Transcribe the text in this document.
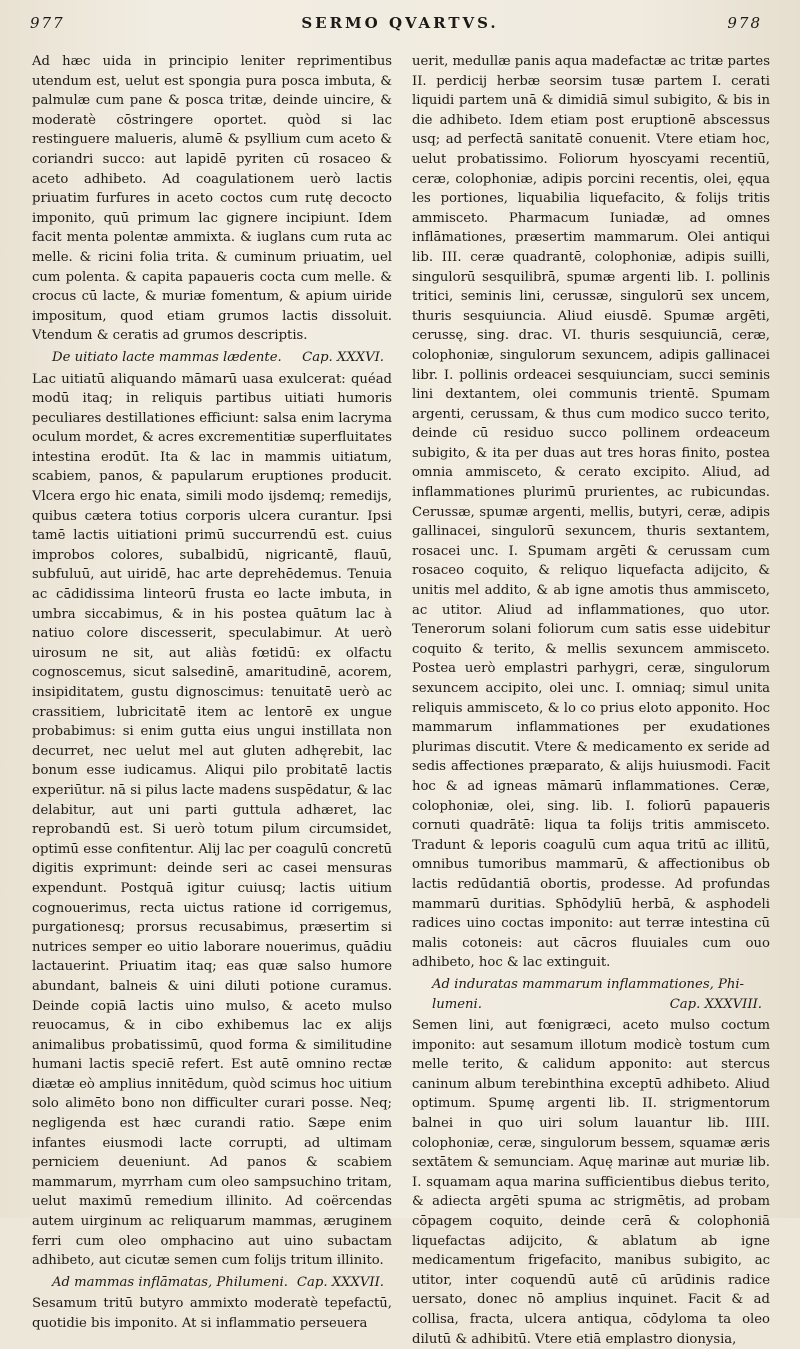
977	SERMO QVARTVS.	978

Ad hæc uida in principio leniter reprimentibus utendum est, uelut est spongia pura posca imbuta, & palmulæ cum pane & posca tritæ, deinde uincire, & moderatè cōstringere oportet. quòd si lac restinguere malueris, alumē & psyllium cum aceto & coriandri succo: aut lapidē pyriten cū rosaceo & aceto adhibeto. Ad coagulationem uerò lactis priuatim furfures in aceto coctos cum rutę decocto imponito, quū primum lac gignere incipiunt. Idem facit menta polentæ ammixta. & iuglans cum ruta ac melle. & ricini folia trita. & cuminum priuatim, uel cum polenta. & capita papaueris cocta cum melle. & crocus cū lacte, & muriæ fomentum, & apium uiride impositum, quod etiam grumos lactis dissoluit. Vtendum & ceratis ad grumos descriptis.

De uitiato lacte mammas lædente. Cap. XXXVI.

Lac uitiatū aliquando māmarū uasa exulcerat: quéad modū itaq; in reliquis partibus uitiati humoris peculiares destillationes efficiunt: salsa enim lacryma oculum mordet, & acres excrementitiæ superfluitates intestina erodūt. Ita & lac in mammis uitiatum, scabiem, panos, & papularum eruptiones producit. Vlcera ergo hic enata, simili modo ijsdemq; remedijs, quibus cætera totius corporis ulcera curantur. Ipsi tamē lactis uitiationi primū succurrendū est. cuius improbos colores, subalbidū, nigricantē, flauū, subfuluū, aut uiridē, hac arte deprehēdemus. Tenuia ac cādidissima linteorū frusta eo lacte imbuta, in umbra siccabimus, & in his postea quātum lac à natiuo colore discesserit, speculabimur. At uerò uirosum ne sit, aut aliàs fœtidū: ex olfactu cognoscemus, sicut salsedinē, amaritudinē, acorem, insipiditatem, gustu dignoscimus: tenuitatē uerò ac crassitiem, lubricitatē item ac lentorē ex ungue probabimus: si enim gutta eius ungui instillata non decurret, nec uelut mel aut gluten adhęrebit, lac bonum esse iudicamus. Aliqui pilo probitatē lactis experiūtur. nā si pilus lacte madens suspēdatur, & lac delabitur, aut uni parti guttula adhæret, lac reprobandū est. Si uerò totum pilum circumsidet, optimū esse confitentur. Alij lac per coagulū concretū digitis exprimunt: deinde seri ac casei mensuras expendunt. Postquā igitur cuiusq; lactis uitium cognouerimus, recta uictus ratione id corrigemus, purgationesq; prorsus recusabimus, præsertim si nutrices semper eo uitio laborare nouerimus, quādiu lactauerint. Priuatim itaq; eas quæ salso humore abundant, balneis & uini diluti potione curamus. Deinde copiā lactis uino mulso, & aceto mulso reuocamus, & in cibo exhibemus lac ex alijs animalibus probatissimū, quod forma & similitudine humani lactis speciē refert. Est autē omnino rectæ diætæ eò amplius innitēdum, quòd scimus hoc uitium solo alimēto bono non difficulter curari posse. Neq; negligenda est hæc curandi ratio. Sæpe enim infantes eiusmodi lacte corrupti, ad ultimam perniciem deueniunt. Ad panos & scabiem mammarum, myrrham cum oleo sampsuchino tritam, uelut maximū remedium illinito. Ad coërcendas autem uirginum ac reliquarum mammas, æruginem ferri cum oleo omphacino aut uino subactam adhibeto, aut cicutæ semen cum folijs tritum illinito.

Ad mammas inflāmatas, Philumeni. Cap. XXXVII.

Sesamum tritū butyro ammixto moderatè tepefactū, quotidie bis imponito. At si inflammatio perseuera

uerit, medullæ panis aqua madefactæ ac tritæ partes II. perdicij herbæ seorsim tusæ partem I. cerati liquidi partem unā & dimidiā simul subigito, & bis in die adhibeto. Idem etiam post eruptionē abscessus usq; ad perfectā sanitatē conuenit. Vtere etiam hoc, uelut probatissimo. Foliorum hyoscyami recentiū, ceræ, colophoniæ, adipis porcini recentis, olei, ęqua les portiones, liquabilia liquefacito, & folijs tritis ammisceto. Pharmacum Iuniadæ, ad omnes inflāmationes, præsertim mammarum. Olei antiqui lib. III. ceræ quadrantē, colophoniæ, adipis suilli, singulorū sesquilibrā, spumæ argenti lib. I. pollinis tritici, seminis lini, cerussæ, singulorū sex uncem, thuris sesquiuncia. Aliud eiusdē. Spumæ argēti, cerussę, sing. drac. VI. thuris sesquiunciā, ceræ, colophoniæ, singulorum sexuncem, adipis gallinacei libr. I. pollinis ordeacei sesquiunciam, succi seminis lini dextantem, olei communis trientē. Spumam argenti, cerussam, & thus cum modico succo terito, deinde cū residuo succo pollinem ordeaceum subigito, & ita per duas aut tres horas finito, postea omnia ammisceto, & cerato excipito. Aliud, ad inflammationes plurimū prurientes, ac rubicundas. Cerussæ, spumæ argenti, mellis, butyri, ceræ, adipis gallinacei, singulorū sexuncem, thuris sextantem, rosacei unc. I. Spumam argēti & cerussam cum rosaceo coquito, & reliquo liquefacta adijcito, & unitis mel addito, & ab igne amotis thus ammisceto, ac utitor. Aliud ad inflammationes, quo utor. Tenerorum solani foliorum cum satis esse uidebitur coquito & terito, & mellis sexuncem ammisceto. Postea uerò emplastri parhygri, ceræ, singulorum sexuncem accipito, olei unc. I. omniaq; simul unita reliquis ammisceto, & lo co prius eloto apponito. Hoc mammarum inflammationes per exudationes plurimas discutit. Vtere & medicamento ex seride ad sedis affectiones præparato, & alijs huiusmodi. Facit hoc & ad igneas māmarū inflammationes. Ceræ, colophoniæ, olei, sing. lib. I. foliorū papaueris cornuti quadrātē: liqua ta folijs tritis ammisceto. Tradunt & leporis coagulū cum aqua tritū ac illitū, omnibus tumoribus mammarū, & affectionibus ob lactis redūdantiā obortis, prodesse. Ad profundas mammarū duritias. Sphōdyliū herbā, & asphodeli radices uino coctas imponito: aut terræ intestina cū malis cotoneis: aut cācros fluuiales cum ouo adhibeto, hoc & lac extinguit.

Ad induratas mammarum inflammationes, Phi-
lumeni.	Cap. XXXVIII.

Semen lini, aut fœnigræci, aceto mulso coctum imponito: aut sesamum illotum modicè tostum cum melle terito, & calidum apponito: aut stercus caninum album terebinthina exceptū adhibeto. Aliud optimum. Spumę argenti lib. II. strigmentorum balnei in quo uiri solum lauantur lib. IIII. colophoniæ, ceræ, singulorum bessem, squamæ æris sextātem & semunciam. Aquę marinæ aut muriæ lib. I. squamam aqua marina sufficientibus diebus terito, & adiecta argēti spuma ac strigmētis, ad probam cōpagem coquito, deinde cerā & colophoniā liquefactas adijcito, & ablatum ab igne medicamentum frigefacito, manibus subigito, ac utitor, inter coquendū autē cū arūdinis radice uersato, donec nō amplius inquinet. Facit & ad collisa, fracta, ulcera antiqua, cōdyloma ta oleo dilutū & adhibitū. Vtere etiā emplastro dionysia,
